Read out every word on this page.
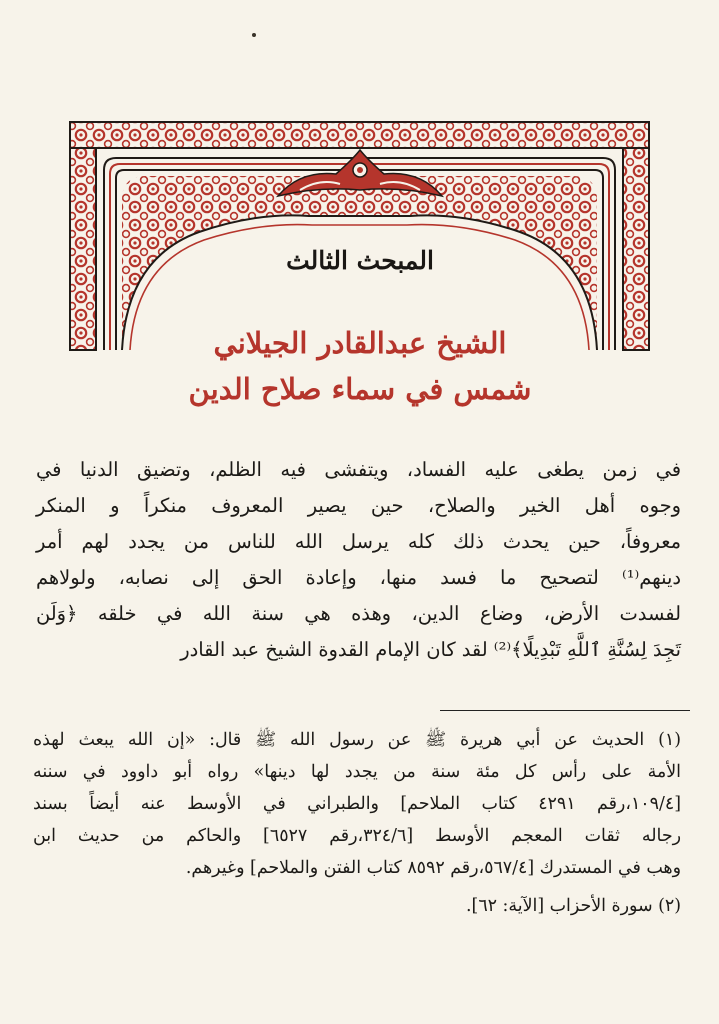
المبحث الثالث
الشيخ عبدالقادر الجيلاني
شمس في سماء صلاح الدين
في زمن يطغى عليه الفساد، ويتفشى فيه الظلم، وتضيق الدنيا في
وجوه أهل الخير والصلاح، حين يصير المعروف منكراً و المنكر
معروفاً، حين يحدث ذلك كله يرسل الله للناس من يجدد لهم أمر
دينهم⁽¹⁾ لتصحيح ما فسد منها، وإعادة الحق إلى نصابه، ولولاهم
لفسدت الأرض، وضاع الدين، وهذه هي سنة الله في خلقه ﴿وَلَن
تَجِدَ لِسُنَّةِ ٱللَّهِ تَبْدِيلًا﴾⁽²⁾ لقد كان الإمام القدوة الشيخ عبد القادر
(١) الحديث عن أبي هريرة ﷺ عن رسول الله ﷺ قال: «إن الله يبعث لهذه
الأمة على رأس كل مئة سنة من يجدد لها دينها» رواه أبو داوود في سننه
[١٠٩/٤،رقم ٤٢٩١ كتاب الملاحم] والطبراني في الأوسط عنه أيضاً بسند
رجاله ثقات المعجم الأوسط [٣٢٤/٦،رقم ٦٥٢٧] والحاكم من حديث ابن
وهب في المستدرك [٥٦٧/٤،رقم ٨٥٩٢ كتاب الفتن والملاحم] وغيرهم.
(٢) سورة الأحزاب [الآية: ٦٢].
